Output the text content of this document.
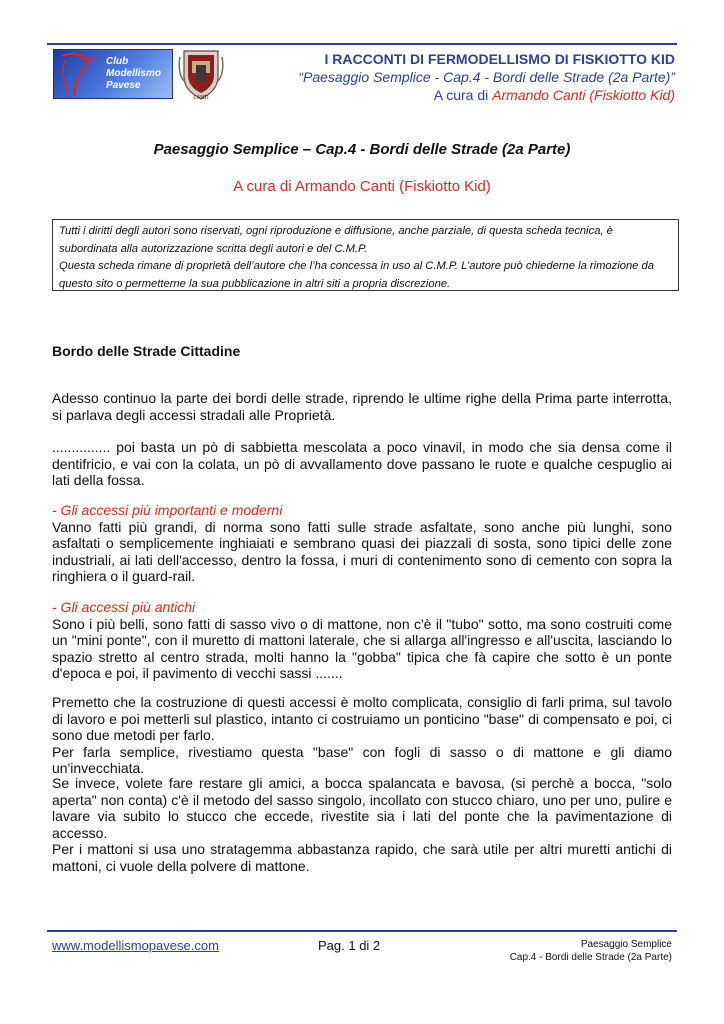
Club
Modellismo
Pavese
CANTI
I RACCONTI DI FERMODELLISMO DI FISKIOTTO KID
“Paesaggio Semplice - Cap.4 - Bordi delle Strade (2a Parte)”
A cura di Armando Canti (Fiskiotto Kid)
Paesaggio Semplice – Cap.4 - Bordi delle Strade (2a Parte)
A cura di Armando Canti (Fiskiotto Kid)

Tutti i diritti degli autori sono riservati, ogni riproduzione e diffusione, anche parziale, di questa scheda tecnica, è subordinata alla autorizzazione scritta degli autori e del C.M.P.

Questa scheda rimane di proprietà dell’autore che l’ha concessa in uso al C.M.P. L’autore può chiederne la rimozione da questo sito o permetterne la sua pubblicazione in altri siti a propria discrezione.

Bordo delle Strade Cittadine

Adesso continuo la parte dei bordi delle strade, riprendo le ultime righe della Prima parte interrotta, si parlava degli accessi stradali alle Proprietà.

............... poi basta un pò di sabbietta mescolata a poco vinavil, in modo che sia densa come il dentifricio, e vai con la colata, un pò di avvallamento dove passano le ruote e qualche cespuglio ai lati della fossa.

- Gli accessi più importanti e moderni

Vanno fatti più grandi, di norma sono fatti sulle strade asfaltate, sono anche più lunghi, sono asfaltati o semplicemente inghiaiati e sembrano quasi dei piazzali di sosta, sono tipici delle zone industriali, ai lati dell'accesso, dentro la fossa, i muri di contenimento sono di cemento con sopra la ringhiera o il guard-rail.

- Gli accessi più antichi

Sono i più belli, sono fatti di sasso vivo o di mattone, non c'è il "tubo" sotto, ma sono costruiti come un "mini ponte", con il muretto di mattoni laterale, che si allarga all'ingresso e all'uscita, lasciando lo spazio stretto al centro strada, molti hanno la "gobba" tipica che fà capire che sotto è un ponte d'epoca e poi, il pavimento di vecchi sassi .......

Premetto che la costruzione di questi accessi è molto complicata, consiglio di farli prima, sul tavolo di lavoro e poi metterli sul plastico, intanto ci costruiamo un ponticino "base" di compensato e poi, ci sono due metodi per farlo.

Per farla semplice, rivestiamo questa "base" con fogli di sasso o di mattone e gli diamo un'invecchiata.

Se invece, volete fare restare gli amici, a bocca spalancata e bavosa, (si perchè a bocca, "solo aperta" non conta) c'è il metodo del sasso singolo, incollato con stucco chiaro, uno per uno, pulire e lavare via subito lo stucco che eccede, rivestite sia i lati del ponte che la pavimentazione di accesso.

Per i mattoni si usa uno stratagemma abbastanza rapido, che sarà utile per altri muretti antichi di mattoni, ci vuole della polvere di mattone.

www.modellismopavese.com	Pag. 1 di 2	Paesaggio Semplice
Cap.4 - Bordi delle Strade (2a Parte)
